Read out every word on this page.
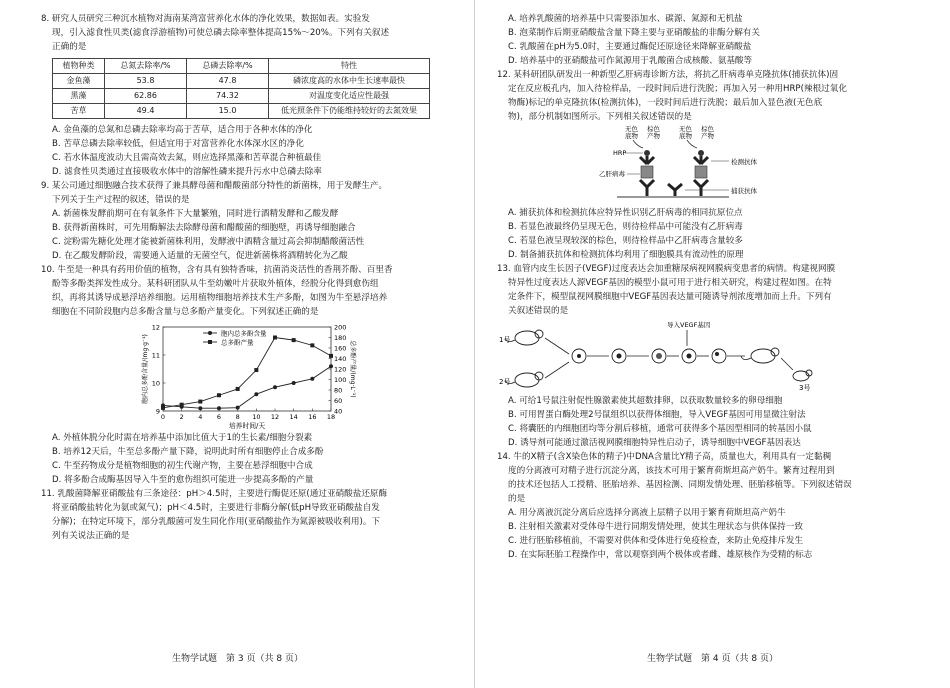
8. 研究人员研究三种沉水植物对海南某湾富营养化水体的净化效果，数据如表。实验发

现，引入滤食性贝类(滤食浮游植物)可使总磷去除率整体提高15%～20%。下列有关叙述

正确的是

植物种类	总氮去除率/%	总磷去除率/%	特性
金鱼藻	53.8	47.8	磷浓度高的水体中生长速率最快
黑藻	62.86	74.32	对温度变化适应性最强
苦草	49.4	15.0	低光照条件下仍能维持较好的去氮效果

A. 金鱼藻的总氮和总磷去除率均高于苦草，适合用于各种水体的净化

B. 苦草总磷去除率较低，但适宜用于对富营养化水体深水区的净化

C. 若水体温度波动大且需高效去氮，则应选择黑藻和苦草混合种植最佳

D. 滤食性贝类通过直接吸收水体中的溶解性磷来提升污水中总磷去除率

9. 某公司通过细胞融合技术获得了兼具酵母菌和醋酸菌部分特性的新菌株，用于发酵生产。

下列关于生产过程的叙述，错误的是

A. 新菌株发酵前期可在有氧条件下大量繁殖，同时进行酒精发酵和乙酸发酵

B. 获得新菌株时，可先用酶解法去除酵母菌和醋酸菌的细胞壁，再诱导细胞融合

C. 淀粉需先糖化处理才能被新菌株利用，发酵液中酒精含量过高会抑制醋酸菌活性

D. 在乙酸发酵阶段，需要通入适量的无菌空气，促进新菌株将酒精转化为乙酸

10. 牛至是一种具有药用价值的植物，含有具有独特香味，抗菌消炎活性的香荆芥酚、百里香

酚等多酚类挥发性成分。某科研团队从牛至幼嫩叶片获取外植体，经脱分化得到愈伤组

织，再将其诱导成悬浮培养细胞。运用植物细胞培养技术生产多酚，如图为牛至悬浮培养

细胞在不同阶段胞内总多酚含量与总多酚产量变化。下列叙述正确的是

0 2 4 6 8 10 12 14 16 18
9
10
11
12
40
60
80
100
120
140
160
180
200
培养时间/天
胞内总多酚含量/(mg·g⁻¹)	总多酚产量/(mg·L⁻¹)
胞内总多酚含量
总多酚产量

A. 外植体脱分化时需在培养基中添加比值大于1的生长素/细胞分裂素

B. 培养12天后，牛至总多酚产量下降，说明此时所有细胞停止合成多酚

C. 牛至药物成分是植物细胞的初生代谢产物，主要在悬浮细胞中合成

D. 将多酚合成酶基因导入牛至的愈伤组织可能进一步提高多酚的产量

11. 乳酸菌降解亚硝酸盐有三条途径：pH＞4.5时，主要进行酶促还原(通过亚硝酸盐还原酶

将亚硝酸盐转化为氨或氮气)；pH＜4.5时，主要进行非酶分解(低pH导致亚硝酸盐自发

分解)；在特定环境下，部分乳酸菌可发生同化作用(亚硝酸盐作为氮源被吸收利用)。下

列有关说法正确的是

生物学试题　第 3 页（共 8 页）

A. 培养乳酸菌的培养基中只需要添加水、碳源、氮源和无机盐

B. 泡菜制作后期亚硝酸盐含量下降主要与亚硝酸盐的非酶分解有关

C. 乳酸菌在pH为5.0时，主要通过酶促还原途径来降解亚硝酸盐

D. 培养基中的亚硝酸盐可作氮源用于乳酸菌合成核酸、氨基酸等

12. 某科研团队研发出一种新型乙肝病毒诊断方法，将抗乙肝病毒单克隆抗体(捕获抗体)固

定在反应板孔内，加入待检样品，一段时间后进行洗脱；再加入另一种用HRP(辣根过氧化

物酶)标记的单克隆抗体(检测抗体)，一段时间后进行洗脱；最后加入显色液(无色底

物)，部分机制如图所示。下列相关叙述错误的是

无色
底物
棕色
产物
无色
底物
棕色
产物
HRP
检测抗体
乙肝病毒
捕获抗体

A. 捕获抗体和检测抗体应特异性识别乙肝病毒的相同抗原位点

B. 若显色液最终仍呈现无色，则待检样品中可能没有乙肝病毒

C. 若显色液呈现较深的棕色，则待检样品中乙肝病毒含量较多

D. 制备捕获抗体和检测抗体均利用了细胞膜具有流动性的原理

13. 血管内皮生长因子(VEGF)过度表达会加重糖尿病视网膜病变患者的病情。构建视网膜

特异性过度表达人源VEGF基因的模型小鼠可用于进行相关研究，构建过程如图。在特

定条件下，模型鼠视网膜细胞中VEGF基因表达量可随诱导剂浓度增加而上升。下列有

关叙述错误的是

1号
2号
导入VEGF基因
3号

A. 可给1号鼠注射促性腺激素使其超数排卵，以获取数量较多的卵母细胞

B. 可用胃蛋白酶处理2号鼠组织以获得体细胞，导入VEGF基因可用显微注射法

C. 将囊胚的内细胞团均等分割后移植，通常可获得多个基因型相同的转基因小鼠

D. 诱导剂可能通过激活视网膜细胞特异性启动子，诱导细胞中VEGF基因表达

14. 牛的X精子(含X染色体的精子)中DNA含量比Y精子高，质量也大，利用具有一定黏稠

度的分离液可对精子进行沉淀分离，该技术可用于繁育荷斯坦高产奶牛。繁育过程用到

的技术还包括人工授精、胚胎培养、基因检测、同期发情处理、胚胎移植等。下列叙述错误

的是

A. 用分离液沉淀分离后应选择分离液上层精子以用于繁育荷斯坦高产奶牛

B. 注射相关激素对受体母牛进行同期发情处理，使其生理状态与供体保持一致

C. 进行胚胎移植前，不需要对供体和受体进行免疫检查，来防止免疫排斥发生

D. 在实际胚胎工程操作中，常以观察到两个极体或者雌、雄原核作为受精的标志

生物学试题　第 4 页（共 8 页）
